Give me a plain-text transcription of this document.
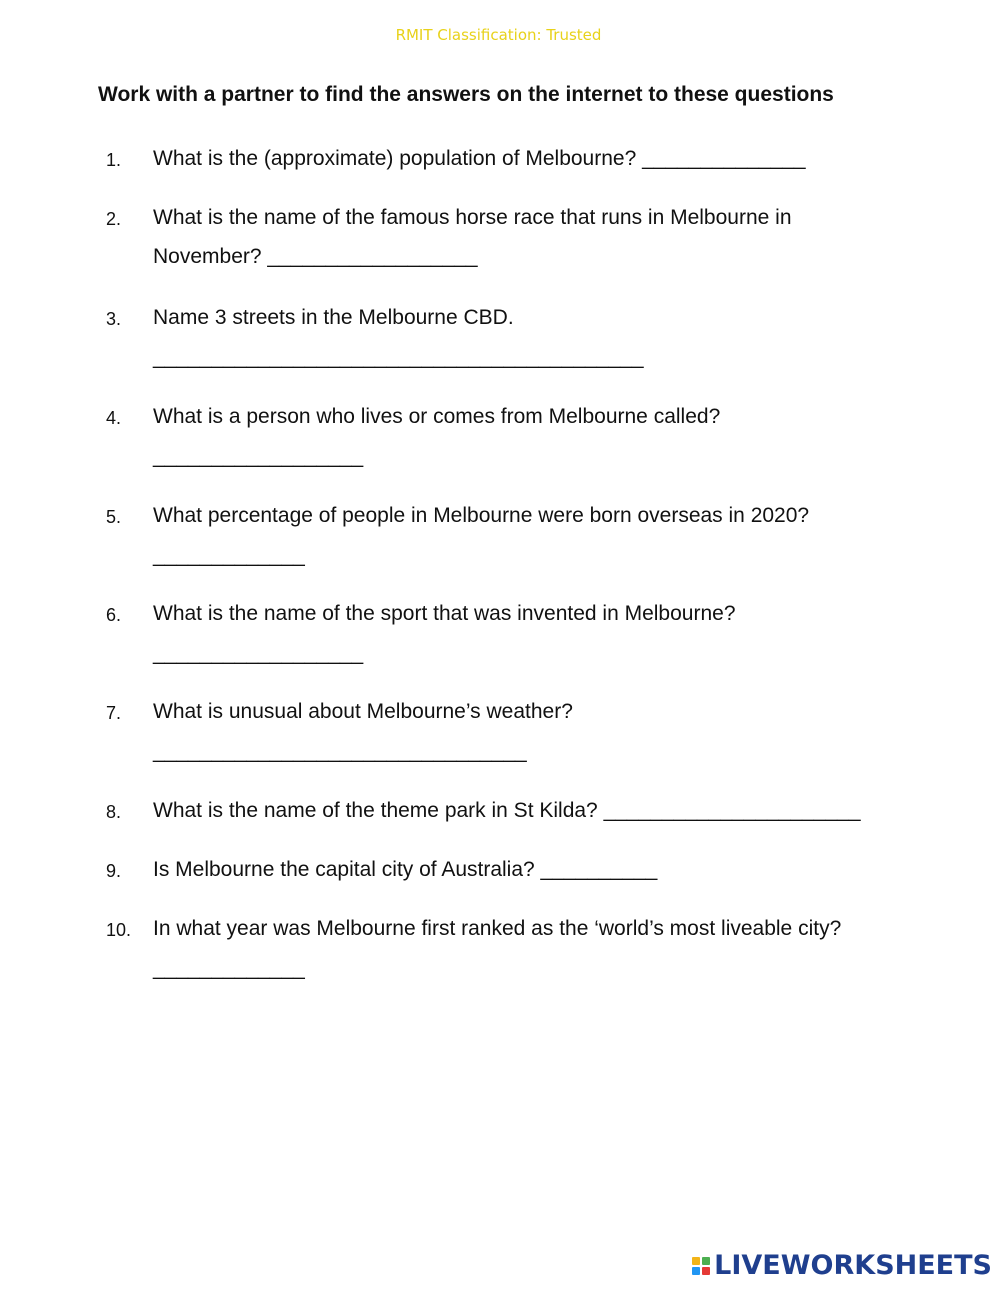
RMIT Classification: Trusted
Work with a partner to find the answers on the internet to these questions
1. What is the (approximate) population of Melbourne? ______________
2. What is the name of the famous horse race that runs in Melbourne in
November? __________________
3. Name 3 streets in the Melbourne CBD.
__________________________________________
4. What is a person who lives or comes from Melbourne called?
__________________
5. What percentage of people in Melbourne were born overseas in 2020?
_____________
6. What is the name of the sport that was invented in Melbourne?
__________________
7. What is unusual about Melbourne’s weather?
________________________________
8. What is the name of the theme park in St Kilda? ______________________
9. Is Melbourne the capital city of Australia? __________
10. In what year was Melbourne first ranked as the ‘world’s most liveable city?
_____________
LIVEWORKSHEETS
